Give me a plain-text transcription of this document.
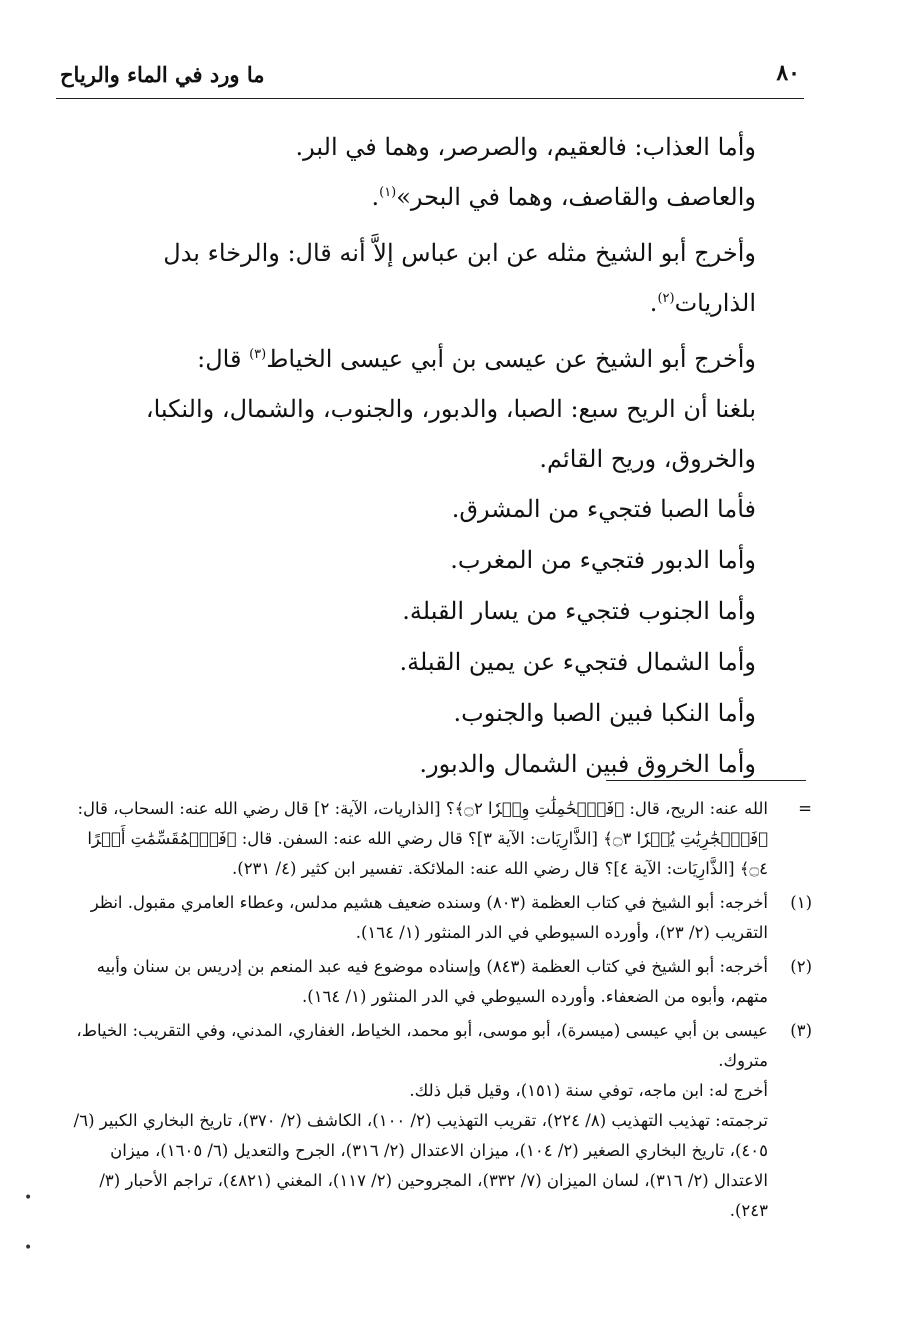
٨٠
ما ورد في الماء والرياح

وأما العذاب: فالعقيم، والصرصر، وهما في البر.

والعاصف والقاصف، وهما في البحر»$^{(١)}$.

وأخرج أبو الشيخ مثله عن ابن عباس إلاَّ أنه قال: والرخاء بدل الذاريات$^{(٢)}$.

وأخرج أبو الشيخ عن عيسى بن أبي عيسى الخياط$^{(٣)}$ قال:

بلغنا أن الريح سبع: الصبا، والدبور، والجنوب، والشمال، والنكبا، والخروق، وريح القائم.

فأما الصبا فتجيء من المشرق.

وأما الدبور فتجيء من المغرب.

وأما الجنوب فتجيء من يسار القبلة.

وأما الشمال فتجيء عن يمين القبلة.

وأما النكبا فبين الصبا والجنوب.

وأما الخروق فبين الشمال والدبور.

=

الله عنه: الريح، قال: ﴿فَٱلۡحَٰمِلَٰتِ وِقۡرٗا ۝٢﴾؟ [الذاريات، الآية: ٢] قال رضي الله عنه: السحاب، قال: ﴿فَٱلۡجَٰرِيَٰتِ يُسۡرٗا ۝٣﴾ [الذَّارِيَات: الآية ٣]؟ قال رضي الله عنه: السفن. قال: ﴿فَٱلۡمُقَسِّمَٰتِ أَمۡرًا ۝٤﴾ [الذَّارِيَات: الآية ٤]؟ قال رضي الله عنه: الملائكة. تفسير ابن كثير (٤/ ٢٣١).

(١)

أخرجه: أبو الشيخ في كتاب العظمة (٨٠٣) وسنده ضعيف هشيم مدلس، وعطاء العامري مقبول. انظر التقريب (٢/ ٢٣)، وأورده السيوطي في الدر المنثور (١/ ١٦٤).

(٢)

أخرجه: أبو الشيخ في كتاب العظمة (٨٤٣) وإسناده موضوع فيه عبد المنعم بن إدريس بن سنان وأبيه متهم، وأبوه من الضعفاء. وأورده السيوطي في الدر المنثور (١/ ١٦٤).

(٣)

عيسى بن أبي عيسى (ميسرة)، أبو موسى، أبو محمد، الخياط، الغفاري، المدني، وفي التقريب: الخياط، متروك.

أخرج له: ابن ماجه، توفي سنة (١٥١)، وقيل قبل ذلك.

ترجمته: تهذيب التهذيب (٨/ ٢٢٤)، تقريب التهذيب (٢/ ١٠٠)، الكاشف (٢/ ٣٧٠)، تاريخ البخاري الكبير (٦/ ٤٠٥)، تاريخ البخاري الصغير (٢/ ١٠٤)، ميزان الاعتدال (٢/ ٣١٦)، الجرح والتعديل (٦/ ١٦٠٥)، ميزان الاعتدال (٢/ ٣١٦)، لسان الميزان (٧/ ٣٣٢)، المجروحين (٢/ ١١٧)، المغني (٤٨٢١)، تراجم الأحبار (٣/ ٢٤٣).

•
•
